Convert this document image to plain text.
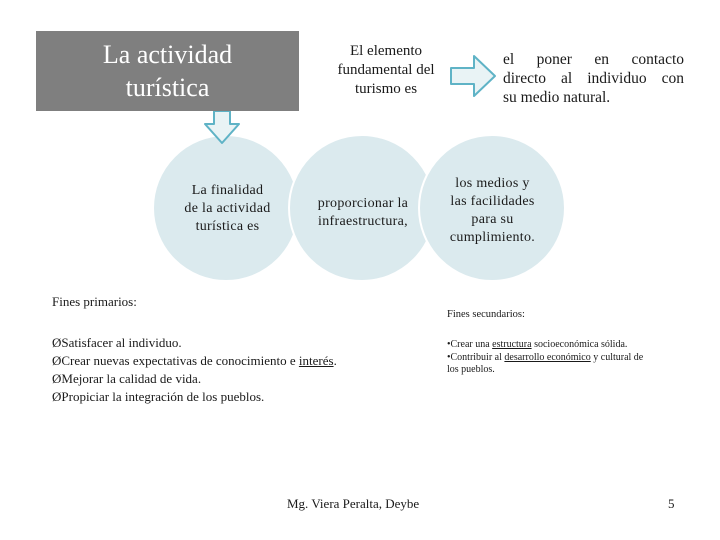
La actividad
turística
El elemento
fundamental del
turismo es
el poner en contacto
directo al individuo con
su medio natural.
La finalidad
de la actividad
turística es
proporcionar la
infraestructura,
los medios y
las facilidades
para su
cumplimiento.
Fines primarios:
ØSatisfacer al individuo.
ØCrear nuevas expectativas de conocimiento e interés.
ØMejorar la calidad de vida.
ØPropiciar la integración de los pueblos.
Fines secundarios:
•Crear una estructura socioeconómica sólida.
•Contribuir al desarrollo económico y cultural de
los pueblos.
Mg. Viera Peralta, Deybe	5
